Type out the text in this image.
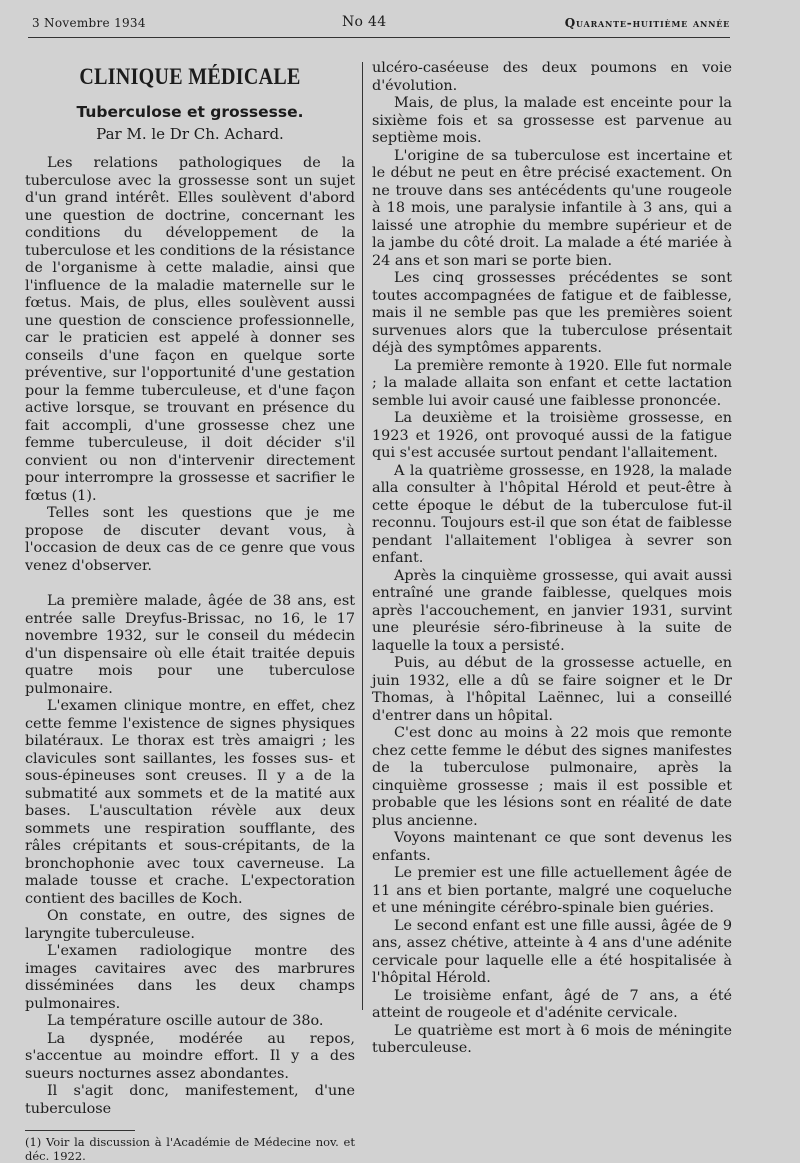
3 Novembre 1934	No 44	Quarante-huitième année
CLINIQUE MÉDICALE
Tuberculose et grossesse.
Par M. le Dr Ch. Achard.

Les relations pathologiques de la tuberculose avec la grossesse sont un sujet d'un grand intérêt. Elles soulèvent d'abord une question de doctrine, concernant les conditions du développement de la tuberculose et les conditions de la résistance de l'organisme à cette maladie, ainsi que l'influence de la maladie maternelle sur le fœtus. Mais, de plus, elles soulèvent aussi une question de conscience professionnelle, car le praticien est appelé à donner ses conseils d'une façon en quelque sorte préventive, sur l'opportunité d'une gestation pour la femme tuberculeuse, et d'une façon active lorsque, se trouvant en présence du fait accompli, d'une grossesse chez une femme tuberculeuse, il doit décider s'il convient ou non d'intervenir directement pour interrompre la grossesse et sacrifier le fœtus (1).

Telles sont les questions que je me propose de discuter devant vous, à l'occasion de deux cas de ce genre que vous venez d'observer.

La première malade, âgée de 38 ans, est entrée salle Dreyfus-Brissac, no 16, le 17 novembre 1932, sur le conseil du médecin d'un dispensaire où elle était traitée depuis quatre mois pour une tuberculose pulmonaire.

L'examen clinique montre, en effet, chez cette femme l'existence de signes physiques bilatéraux. Le thorax est très amaigri ; les clavicules sont saillantes, les fosses sus- et sous-épineuses sont creuses. Il y a de la submatité aux sommets et de la matité aux bases. L'auscultation révèle aux deux sommets une respiration soufflante, des râles crépitants et sous-crépitants, de la bronchophonie avec toux caverneuse. La malade tousse et crache. L'expectoration contient des bacilles de Koch.

On constate, en outre, des signes de laryngite tuberculeuse.

L'examen radiologique montre des images cavitaires avec des marbrures disséminées dans les deux champs pulmonaires.

La température oscille autour de 38o.

La dyspnée, modérée au repos, s'accentue au moindre effort. Il y a des sueurs nocturnes assez abondantes.

Il s'agit donc, manifestement, d'une tuberculose

(1) Voir la discussion à l'Académie de Médecine nov. et déc. 1922.

ulcéro-caséeuse des deux poumons en voie d'évolution.

Mais, de plus, la malade est enceinte pour la sixième fois et sa grossesse est parvenue au septième mois.

L'origine de sa tuberculose est incertaine et le début ne peut en être précisé exactement. On ne trouve dans ses antécédents qu'une rougeole à 18 mois, une paralysie infantile à 3 ans, qui a laissé une atrophie du membre supérieur et de la jambe du côté droit. La malade a été mariée à 24 ans et son mari se porte bien.

Les cinq grossesses précédentes se sont toutes accompagnées de fatigue et de faiblesse, mais il ne semble pas que les premières soient survenues alors que la tuberculose présentait déjà des symptômes apparents.

La première remonte à 1920. Elle fut normale ; la malade allaita son enfant et cette lactation semble lui avoir causé une faiblesse prononcée.

La deuxième et la troisième grossesse, en 1923 et 1926, ont provoqué aussi de la fatigue qui s'est accusée surtout pendant l'allaitement.

A la quatrième grossesse, en 1928, la malade alla consulter à l'hôpital Hérold et peut-être à cette époque le début de la tuberculose fut-il reconnu. Toujours est-il que son état de faiblesse pendant l'allaitement l'obligea à sevrer son enfant.

Après la cinquième grossesse, qui avait aussi entraîné une grande faiblesse, quelques mois après l'accouchement, en janvier 1931, survint une pleurésie séro-fibrineuse à la suite de laquelle la toux a persisté.

Puis, au début de la grossesse actuelle, en juin 1932, elle a dû se faire soigner et le Dr Thomas, à l'hôpital Laënnec, lui a conseillé d'entrer dans un hôpital.

C'est donc au moins à 22 mois que remonte chez cette femme le début des signes manifestes de la tuberculose pulmonaire, après la cinquième grossesse ; mais il est possible et probable que les lésions sont en réalité de date plus ancienne.

Voyons maintenant ce que sont devenus les enfants.

Le premier est une fille actuellement âgée de 11 ans et bien portante, malgré une coqueluche et une méningite cérébro-spinale bien guéries.

Le second enfant est une fille aussi, âgée de 9 ans, assez chétive, atteinte à 4 ans d'une adénite cervicale pour laquelle elle a été hospitalisée à l'hôpital Hérold.

Le troisième enfant, âgé de 7 ans, a été atteint de rougeole et d'adénite cervicale.

Le quatrième est mort à 6 mois de méningite tuberculeuse.
